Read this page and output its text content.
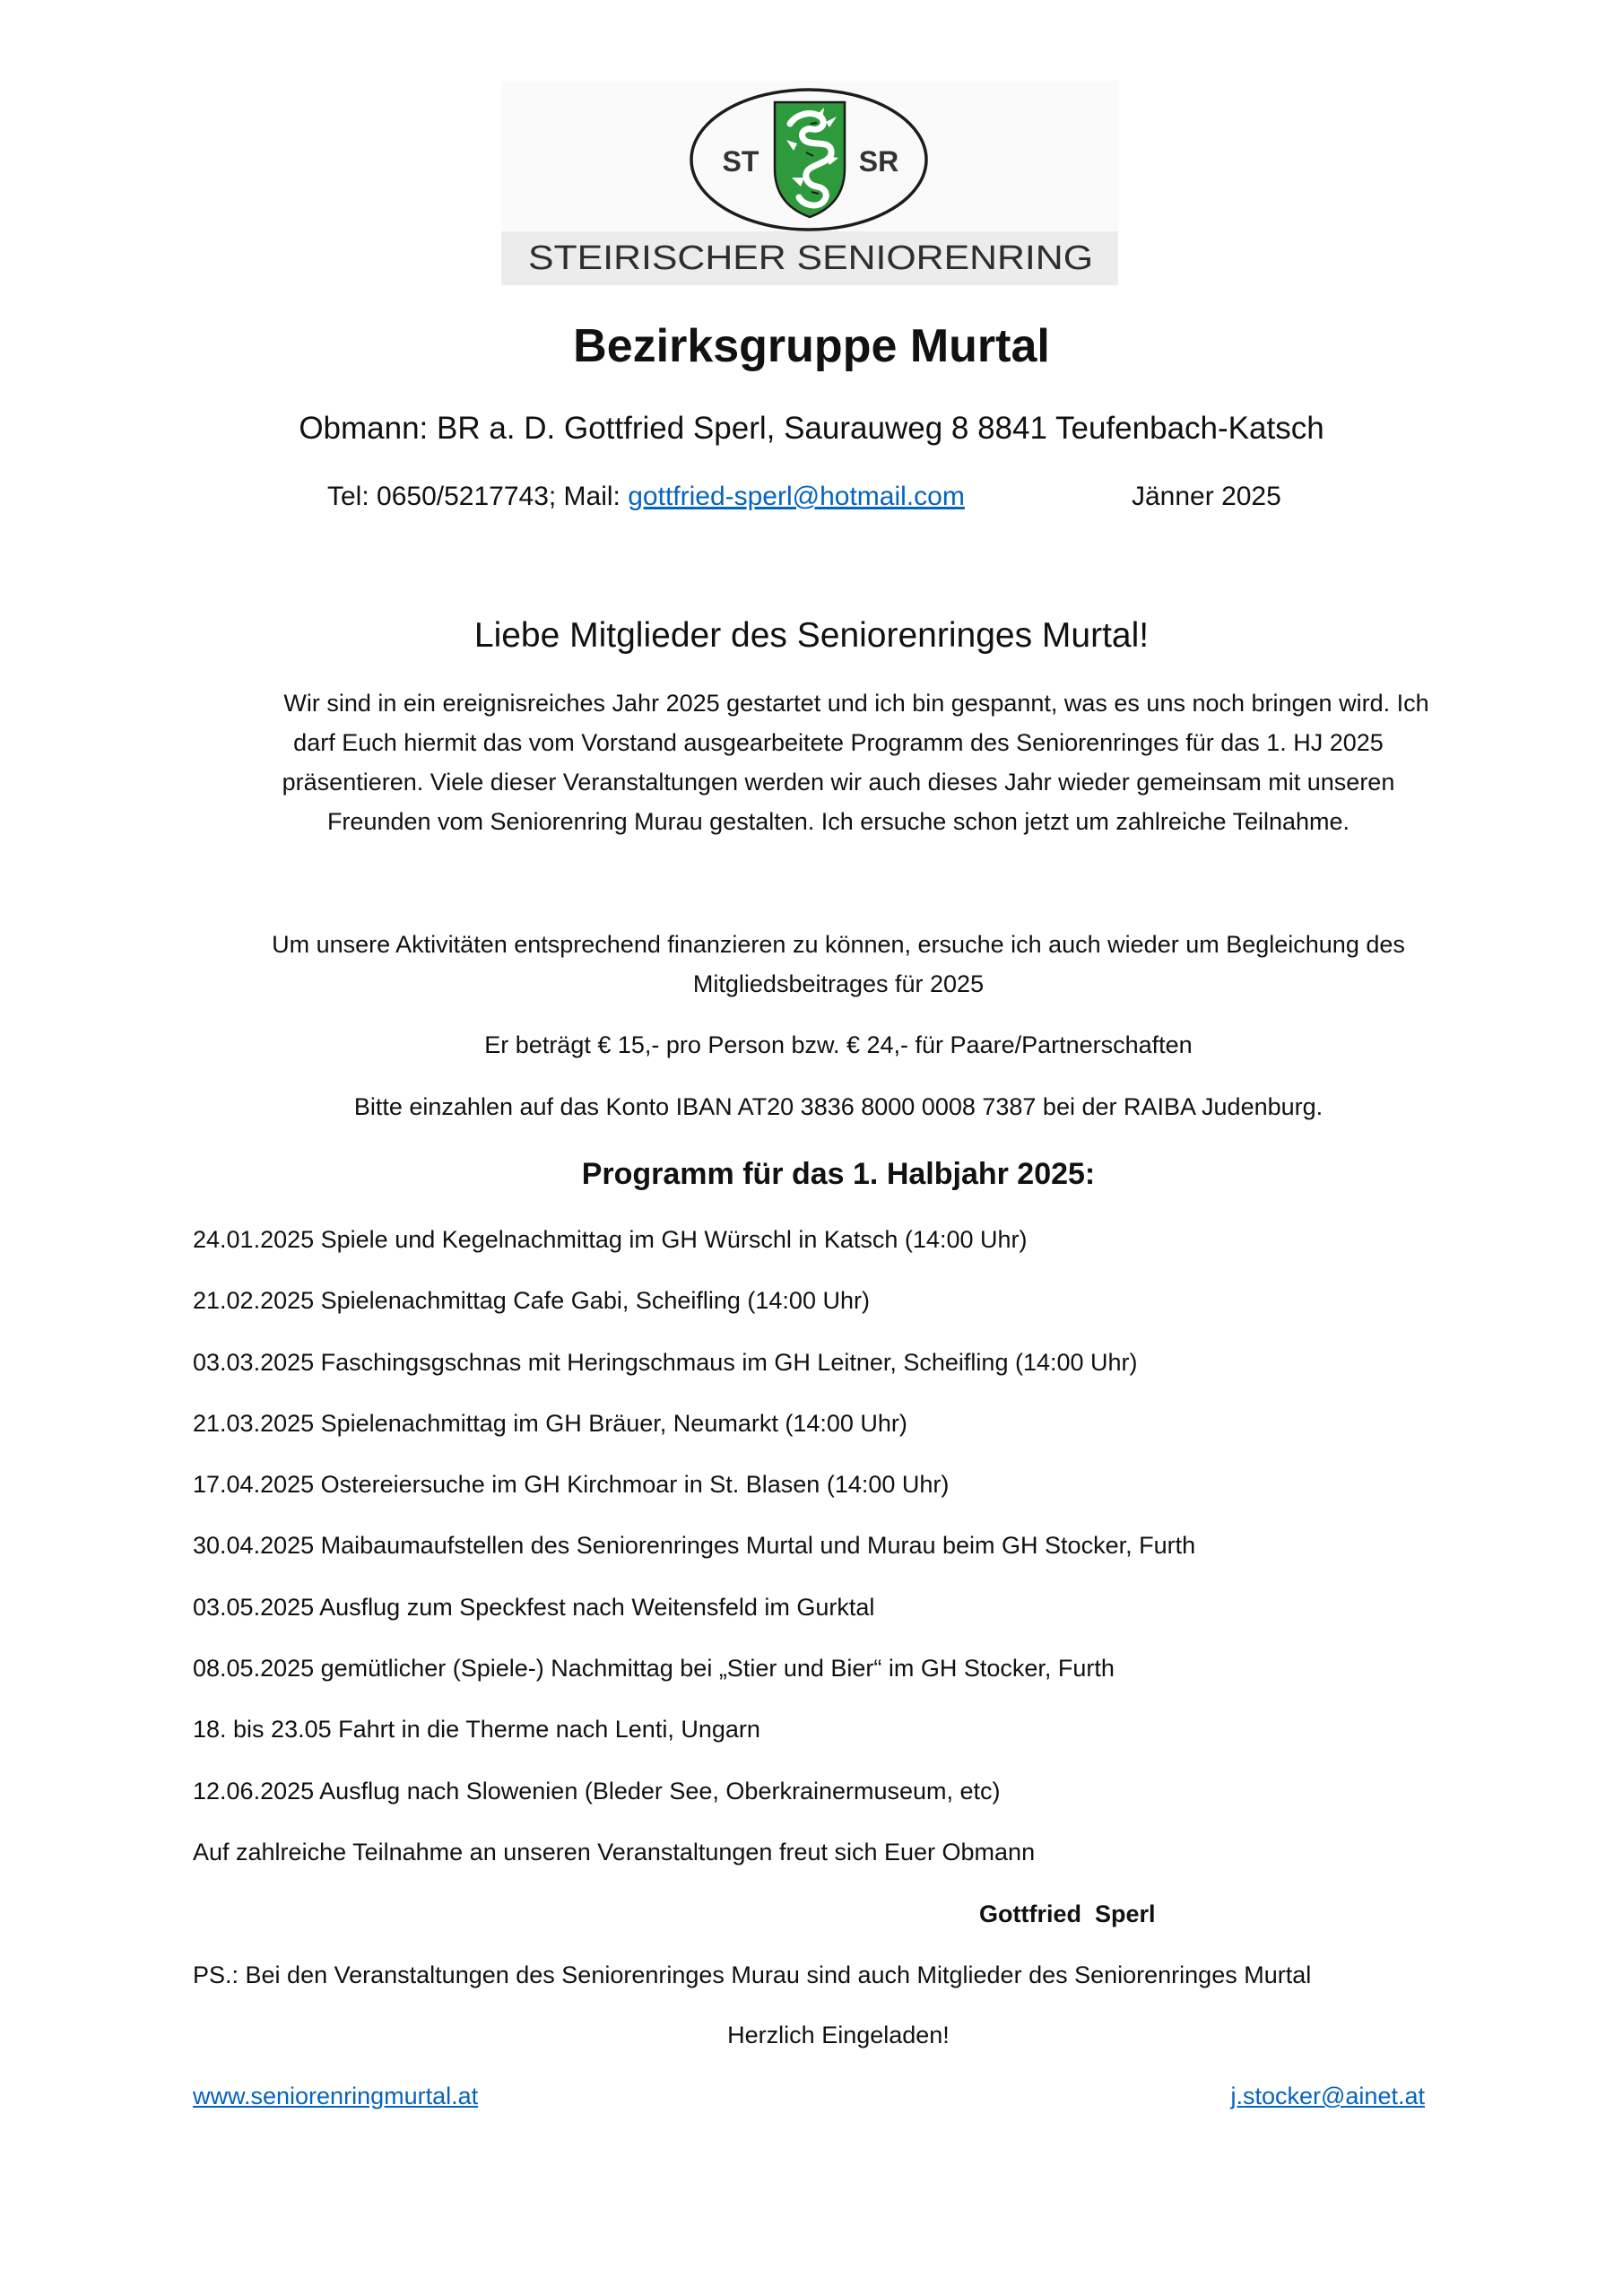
ST	SR
STEIRISCHER SENIORENRING
Bezirksgruppe Murtal
Obmann: BR a. D. Gottfried Sperl, Saurauweg 8 8841 Teufenbach-Katsch
Tel: 0650/5217743; Mail: gottfried-sperl@hotmail.com	Jänner 2025
Liebe Mitglieder des Seniorenringes Murtal!
Wir sind in ein ereignisreiches Jahr 2025 gestartet und ich bin gespannt, was es uns noch bringen wird. Ich
darf Euch hiermit das vom Vorstand ausgearbeitete Programm des Seniorenringes für das 1. HJ 2025
präsentieren. Viele dieser Veranstaltungen werden wir auch dieses Jahr wieder gemeinsam mit unseren
Freunden vom Seniorenring Murau gestalten. Ich ersuche schon jetzt um zahlreiche Teilnahme.
Um unsere Aktivitäten entsprechend finanzieren zu können, ersuche ich auch wieder um Begleichung des
Mitgliedsbeitrages für 2025
Er beträgt € 15,- pro Person bzw. € 24,- für Paare/Partnerschaften
Bitte einzahlen auf das Konto IBAN AT20 3836 8000 0008 7387 bei der RAIBA Judenburg.
Programm für das 1. Halbjahr 2025:
24.01.2025 Spiele und Kegelnachmittag im GH Würschl in Katsch (14:00 Uhr)
21.02.2025 Spielenachmittag Cafe Gabi, Scheifling (14:00 Uhr)
03.03.2025 Faschingsgschnas mit Heringschmaus im GH Leitner, Scheifling (14:00 Uhr)
21.03.2025 Spielenachmittag im GH Bräuer, Neumarkt (14:00 Uhr)
17.04.2025 Ostereiersuche im GH Kirchmoar in St. Blasen (14:00 Uhr)
30.04.2025 Maibaumaufstellen des Seniorenringes Murtal und Murau beim GH Stocker, Furth
03.05.2025 Ausflug zum Speckfest nach Weitensfeld im Gurktal
08.05.2025 gemütlicher (Spiele-) Nachmittag bei „Stier und Bier“ im GH Stocker, Furth
18. bis 23.05 Fahrt in die Therme nach Lenti, Ungarn
12.06.2025 Ausflug nach Slowenien (Bleder See, Oberkrainermuseum, etc)
Auf zahlreiche Teilnahme an unseren Veranstaltungen freut sich Euer Obmann
Gottfried  Sperl
PS.: Bei den Veranstaltungen des Seniorenringes Murau sind auch Mitglieder des Seniorenringes Murtal
Herzlich Eingeladen!
www.seniorenringmurtal.at	j.stocker@ainet.at
